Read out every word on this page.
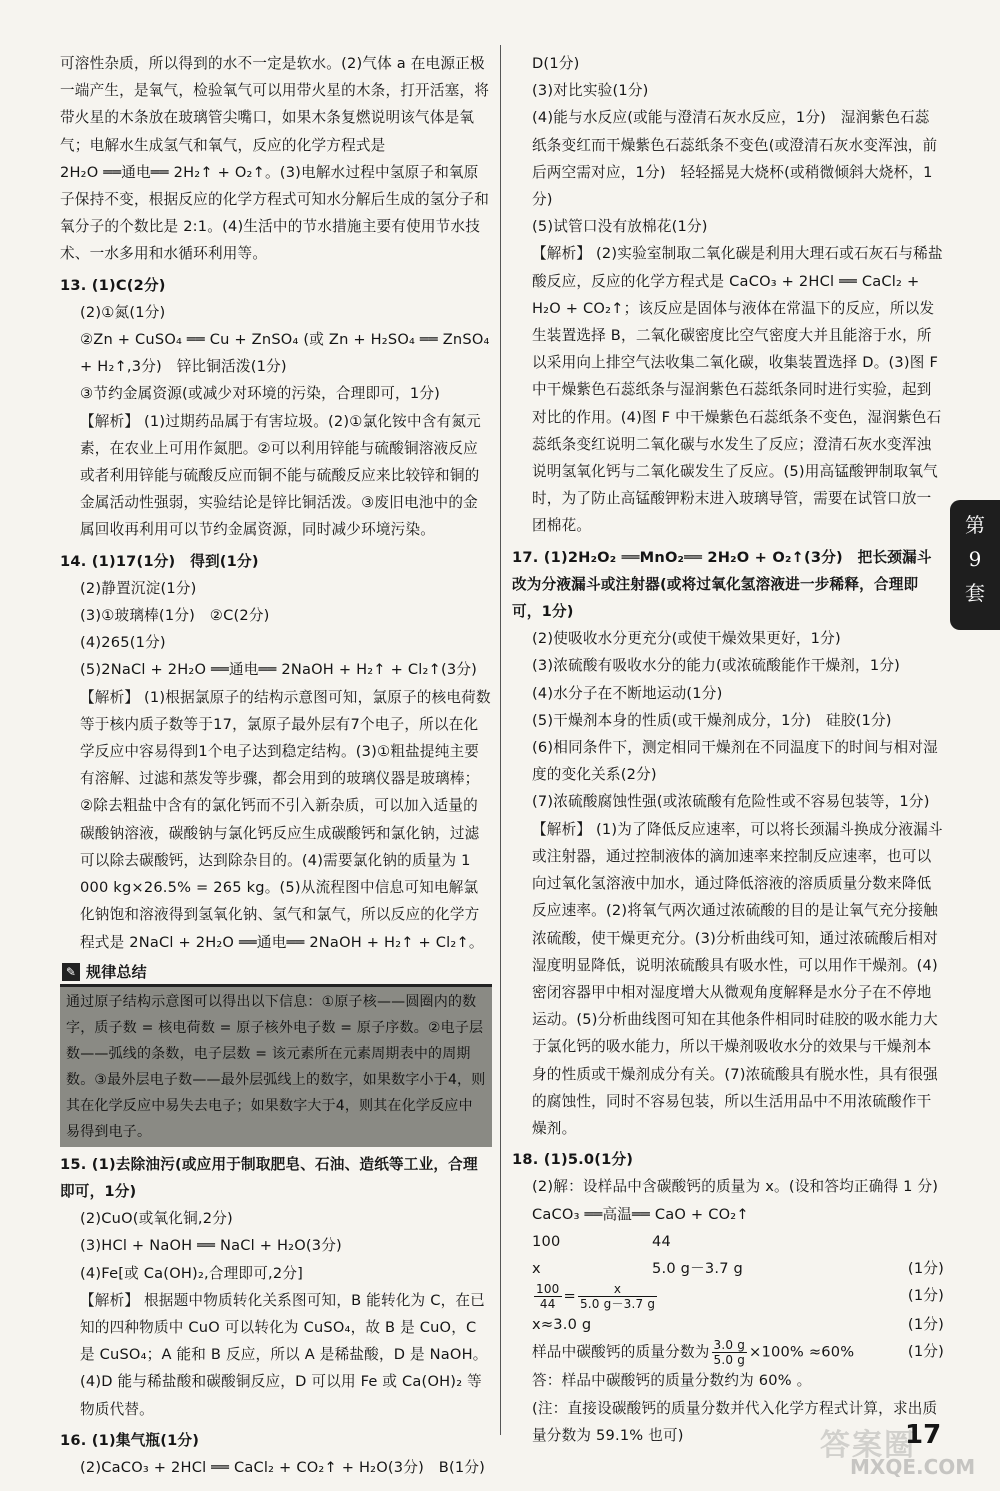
可溶性杂质，所以得到的水不一定是软水。(2)气体 a 在电源正极一端产生，是氧气，检验氧气可以用带火星的木条，打开活塞，将带火星的木条放在玻璃管尖嘴口，如果木条复燃说明该气体是氧气；电解水生成氢气和氧气，反应的化学方程式是

2H₂O ══通电══ 2H₂↑ + O₂↑。(3)电解水过程中氢原子和氧原子保持不变，根据反应的化学方程式可知水分解后生成的氢分子和氧分子的个数比是 2:1。(4)生活中的节水措施主要有使用节水技术、一水多用和水循环利用等。

13. (1)C(2分)

(2)①氮(1分)

②Zn + CuSO₄ ══ Cu + ZnSO₄ (或 Zn + H₂SO₄ ══ ZnSO₄ + H₂↑,3分)　锌比铜活泼(1分)

③节约金属资源(或减少对环境的污染，合理即可，1分)

【解析】 (1)过期药品属于有害垃圾。(2)①氯化铵中含有氮元素，在农业上可用作氮肥。②可以利用锌能与硫酸铜溶液反应或者利用锌能与硫酸反应而铜不能与硫酸反应来比较锌和铜的金属活动性强弱，实验结论是锌比铜活泼。③废旧电池中的金属回收再利用可以节约金属资源，同时减少环境污染。

14. (1)17(1分)　得到(1分)

(2)静置沉淀(1分)

(3)①玻璃棒(1分)　②C(2分)

(4)265(1分)

(5)2NaCl + 2H₂O ══通电══ 2NaOH + H₂↑ + Cl₂↑(3分)

【解析】 (1)根据氯原子的结构示意图可知，氯原子的核电荷数等于核内质子数等于17，氯原子最外层有7个电子，所以在化学反应中容易得到1个电子达到稳定结构。(3)①粗盐提纯主要有溶解、过滤和蒸发等步骤，都会用到的玻璃仪器是玻璃棒；②除去粗盐中含有的氯化钙而不引入新杂质，可以加入适量的碳酸钠溶液，碳酸钠与氯化钙反应生成碳酸钙和氯化钠，过滤可以除去碳酸钙，达到除杂目的。(4)需要氯化钠的质量为 1 000 kg×26.5% = 265 kg。(5)从流程图中信息可知电解氯化钠饱和溶液得到氢氧化钠、氢气和氯气，所以反应的化学方程式是 2NaCl + 2H₂O ══通电══ 2NaOH + H₂↑ + Cl₂↑。

✎ 规律总结
通过原子结构示意图可以得出以下信息：①原子核——圆圈内的数字，质子数 = 核电荷数 = 原子核外电子数 = 原子序数。②电子层数——弧线的条数，电子层数 = 该元素所在元素周期表中的周期数。③最外层电子数——最外层弧线上的数字，如果数字小于4，则其在化学反应中易失去电子；如果数字大于4，则其在化学反应中易得到电子。

15. (1)去除油污(或应用于制取肥皂、石油、造纸等工业，合理即可，1分)

(2)CuO(或氧化铜,2分)

(3)HCl + NaOH ══ NaCl + H₂O(3分)

(4)Fe[或 Ca(OH)₂,合理即可,2分]

【解析】 根据题中物质转化关系图可知，B 能转化为 C，在已知的四种物质中 CuO 可以转化为 CuSO₄，故 B 是 CuO，C 是 CuSO₄；A 能和 B 反应，所以 A 是稀盐酸，D 是 NaOH。(4)D 能与稀盐酸和碳酸铜反应，D 可以用 Fe 或 Ca(OH)₂ 等物质代替。

16. (1)集气瓶(1分)

(2)CaCO₃ + 2HCl ══ CaCl₂ + CO₂↑ + H₂O(3分)　B(1分)

D(1分)

(3)对比实验(1分)

(4)能与水反应(或能与澄清石灰水反应，1分)　湿润紫色石蕊纸条变红而干燥紫色石蕊纸条不变色(或澄清石灰水变浑浊，前后两空需对应，1分)　轻轻摇晃大烧杯(或稍微倾斜大烧杯，1分)

(5)试管口没有放棉花(1分)

【解析】 (2)实验室制取二氧化碳是利用大理石或石灰石与稀盐酸反应，反应的化学方程式是 CaCO₃ + 2HCl ══ CaCl₂ + H₂O + CO₂↑；该反应是固体与液体在常温下的反应，所以发生装置选择 B，二氧化碳密度比空气密度大并且能溶于水，所以采用向上排空气法收集二氧化碳，收集装置选择 D。(3)图 F 中干燥紫色石蕊纸条与湿润紫色石蕊纸条同时进行实验，起到对比的作用。(4)图 F 中干燥紫色石蕊纸条不变色，湿润紫色石蕊纸条变红说明二氧化碳与水发生了反应；澄清石灰水变浑浊说明氢氧化钙与二氧化碳发生了反应。(5)用高锰酸钾制取氧气时，为了防止高锰酸钾粉末进入玻璃导管，需要在试管口放一团棉花。

17. (1)2H₂O₂ ══MnO₂══ 2H₂O + O₂↑(3分)　把长颈漏斗改为分液漏斗或注射器(或将过氧化氢溶液进一步稀释，合理即可，1分)

(2)使吸收水分更充分(或使干燥效果更好，1分)

(3)浓硫酸有吸收水分的能力(或浓硫酸能作干燥剂，1分)

(4)水分子在不断地运动(1分)

(5)干燥剂本身的性质(或干燥剂成分，1分)　硅胶(1分)

(6)相同条件下，测定相同干燥剂在不同温度下的时间与相对湿度的变化关系(2分)

(7)浓硫酸腐蚀性强(或浓硫酸有危险性或不容易包装等，1分)

【解析】 (1)为了降低反应速率，可以将长颈漏斗换成分液漏斗或注射器，通过控制液体的滴加速率来控制反应速率，也可以向过氧化氢溶液中加水，通过降低溶液的溶质质量分数来降低反应速率。(2)将氧气两次通过浓硫酸的目的是让氧气充分接触浓硫酸，使干燥更充分。(3)分析曲线可知，通过浓硫酸后相对湿度明显降低，说明浓硫酸具有吸水性，可以用作干燥剂。(4)密闭容器甲中相对湿度增大从微观角度解释是水分子在不停地运动。(5)分析曲线图可知在其他条件相同时硅胶的吸水能力大于氯化钙的吸水能力，所以干燥剂吸收水分的效果与干燥剂本身的性质或干燥剂成分有关。(7)浓硫酸具有脱水性，具有很强的腐蚀性，同时不容易包装，所以生活用品中不用浓硫酸作干燥剂。

18. (1)5.0(1分)

(2)解：设样品中含碳酸钙的质量为 x。(设和答均正确得 1 分)

CaCO₃ ══高温══ CaO + CO₂↑

100	44
x	5.0 g－3.7 g	(1分)
$\frac{100}{44} = \frac{x}{5.0 g-3.7 g}$	(1分)
x≈3.0 g	(1分)
样品中碳酸钙的质量分数为 $\frac{3.0 g}{5.0 g} \times 100\% \approx 60\%$	(1分)

答：样品中碳酸钙的质量分数约为 60% 。

(注：直接设碳酸钙的质量分数并代入化学方程式计算，求出质量分数为 59.1% 也可)

第
9
套
答案圈
MXQE.COM
17
